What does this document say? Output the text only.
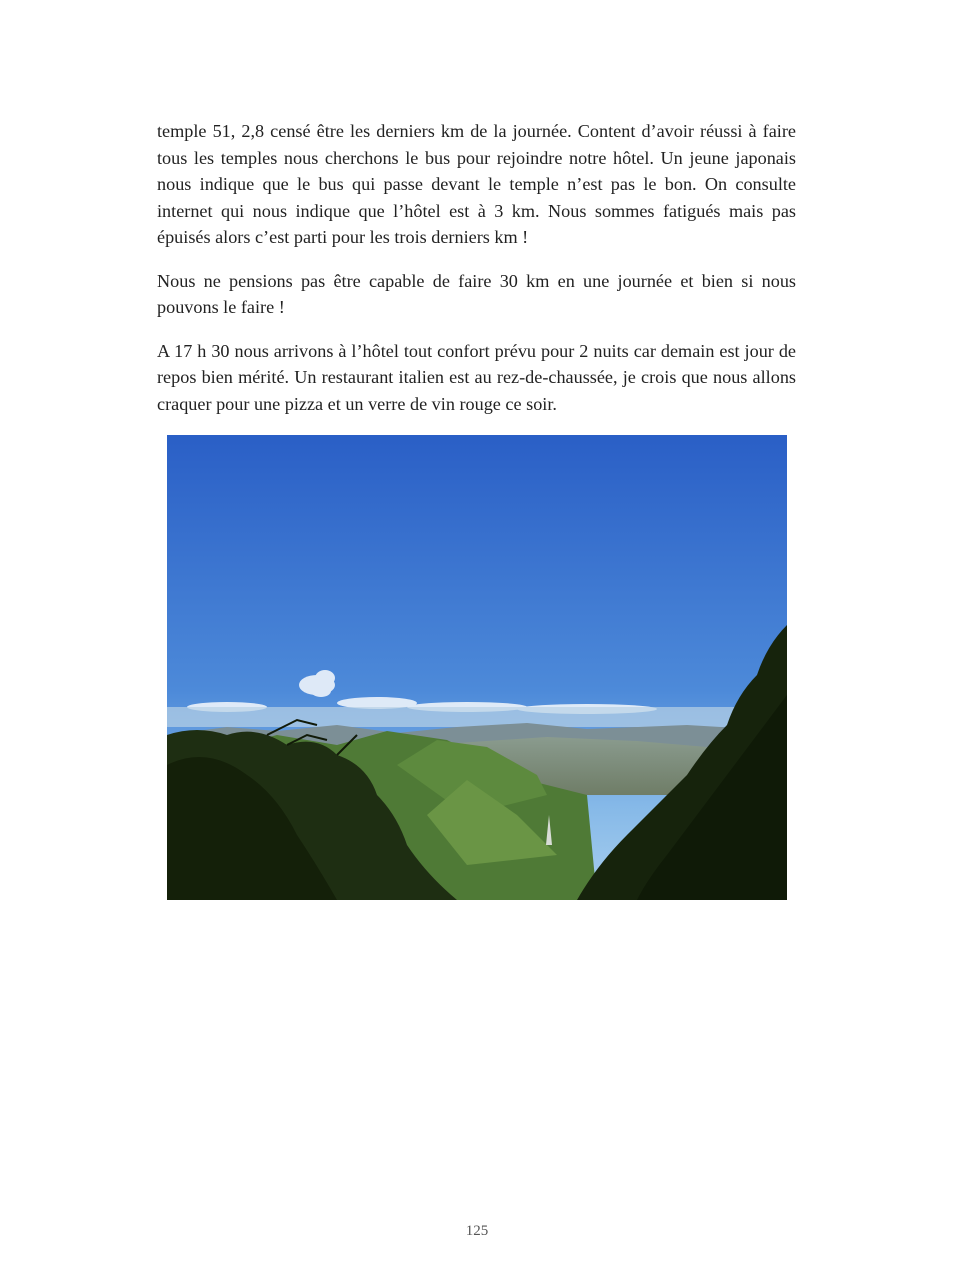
temple 51, 2,8 censé être les derniers km de la journée. Content d’avoir réussi à faire tous les temples nous cherchons le bus pour rejoindre notre hôtel. Un jeune japonais nous indique que le bus qui passe devant le temple n’est pas le bon. On consulte internet qui nous indique que l’hôtel est à 3 km. Nous sommes fatigués mais pas épuisés alors c’est parti pour les trois derniers km !

Nous ne pensions pas être capable de faire 30 km en une journée et bien si nous pouvons le faire !

A 17 h 30 nous arrivons à l’hôtel tout confort prévu pour 2 nuits car demain est jour de repos bien mérité. Un restaurant italien est au rez-de-chaussée, je crois que nous allons craquer pour une pizza et un verre de vin rouge ce soir.

125
